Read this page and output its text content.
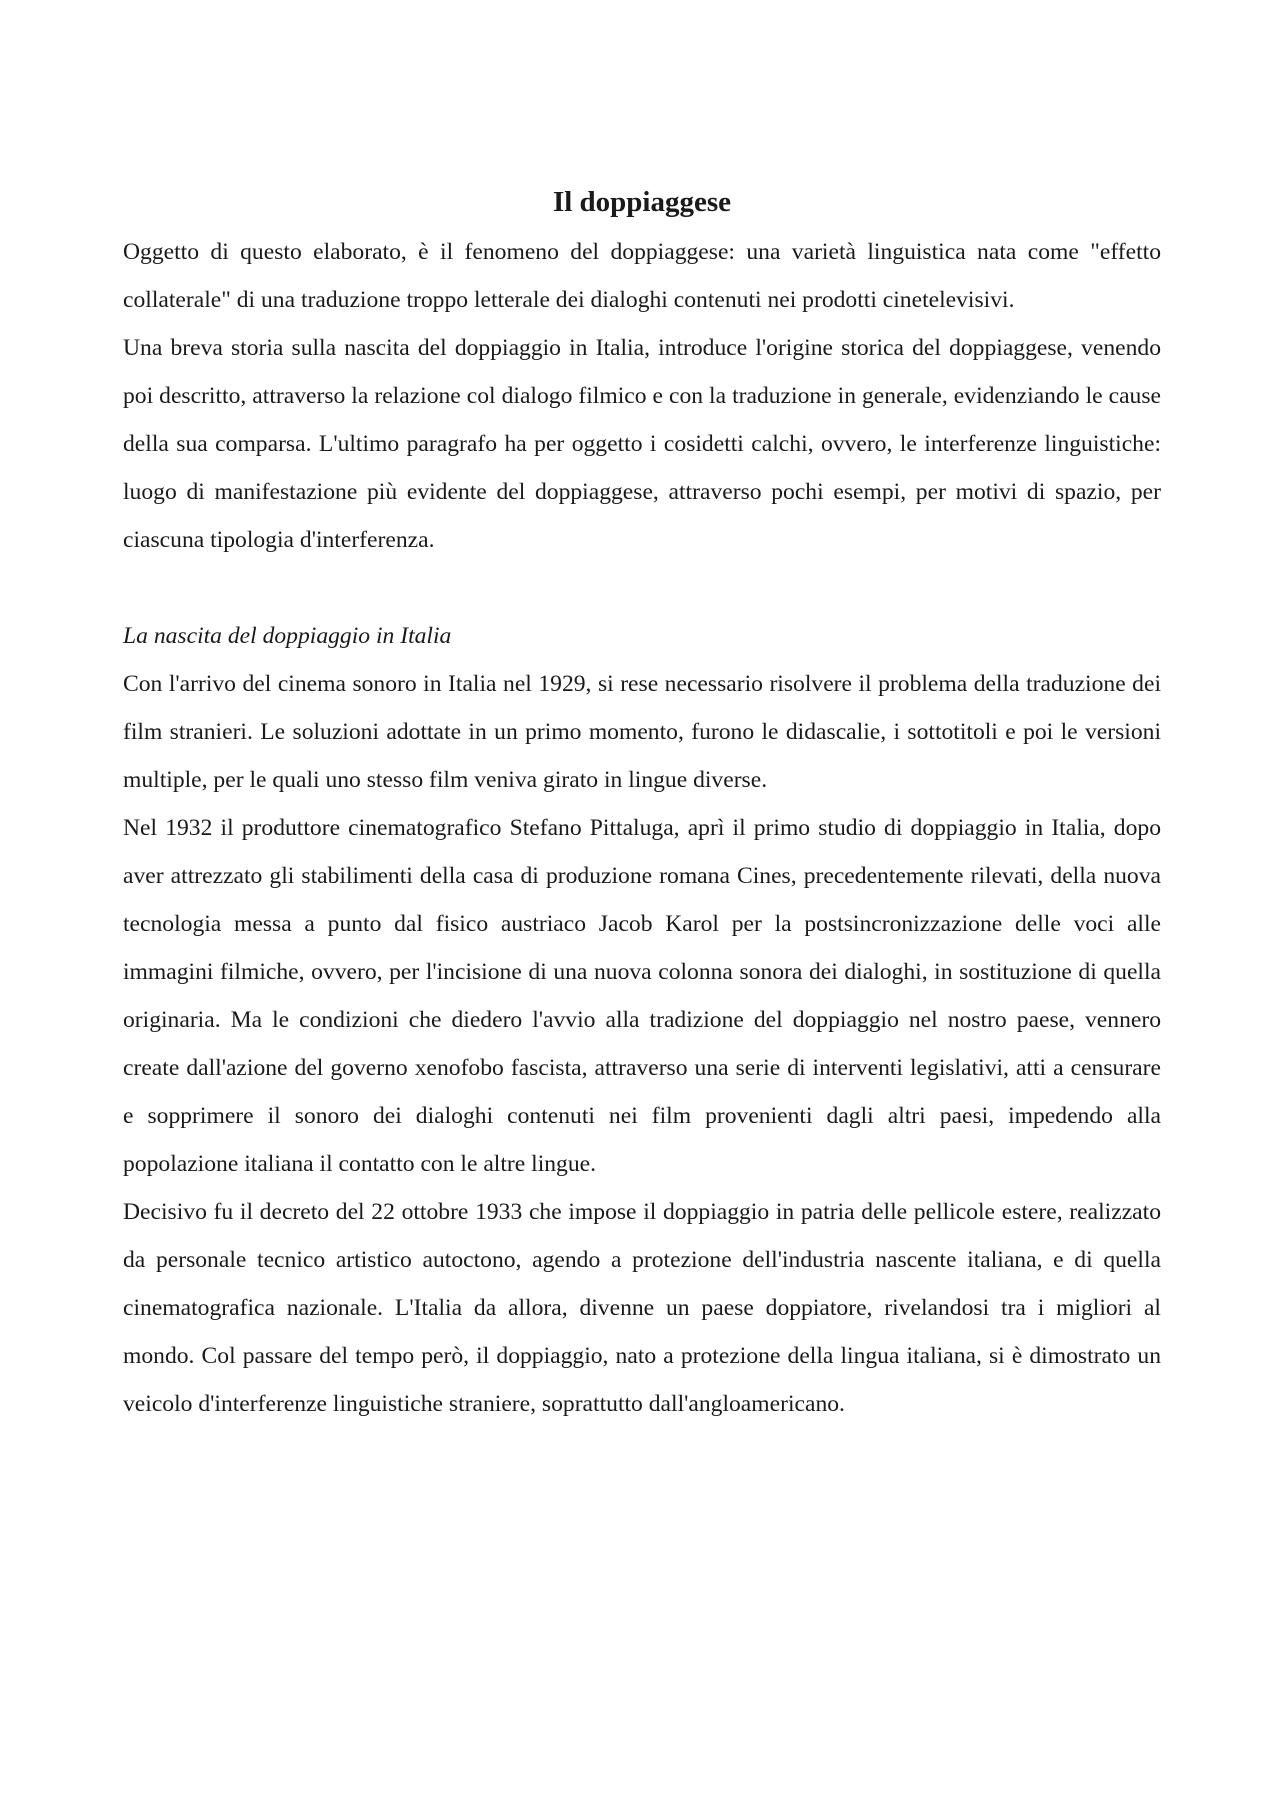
Il doppiaggese

Oggetto di questo elaborato, è il fenomeno del doppiaggese: una varietà linguistica nata come "effetto collaterale" di una traduzione troppo letterale dei dialoghi contenuti nei prodotti cinetelevisivi.

Una breva storia sulla nascita del doppiaggio in Italia, introduce l'origine storica del doppiaggese, venendo poi descritto, attraverso la relazione col dialogo filmico e con la traduzione in generale, evidenziando le cause della sua comparsa. L'ultimo paragrafo ha per oggetto i cosidetti calchi, ovvero, le interferenze linguistiche: luogo di manifestazione più evidente del doppiaggese, attraverso pochi esempi, per motivi di spazio, per ciascuna tipologia d'interferenza.

La nascita del doppiaggio in Italia

Con l'arrivo del cinema sonoro in Italia nel 1929, si rese necessario risolvere il problema della traduzione dei film stranieri. Le soluzioni adottate in un primo momento, furono le didascalie, i sottotitoli e poi le versioni multiple, per le quali uno stesso film veniva girato in lingue diverse.

Nel 1932 il produttore cinematografico Stefano Pittaluga, aprì il primo studio di doppiaggio in Italia, dopo aver attrezzato gli stabilimenti della casa di produzione romana Cines, precedentemente rilevati, della nuova tecnologia messa a punto dal fisico austriaco Jacob Karol per la postsincronizzazione delle voci alle immagini filmiche, ovvero, per l'incisione di una nuova colonna sonora dei dialoghi, in sostituzione di quella originaria. Ma le condizioni che diedero l'avvio alla tradizione del doppiaggio nel nostro paese, vennero create dall'azione del governo xenofobo fascista, attraverso una serie di interventi legislativi, atti a censurare e sopprimere il sonoro dei dialoghi contenuti nei film provenienti dagli altri paesi, impedendo alla popolazione italiana il contatto con le altre lingue.

Decisivo fu il decreto del 22 ottobre 1933 che impose il doppiaggio in patria delle pellicole estere, realizzato da personale tecnico artistico autoctono, agendo a protezione dell'industria nascente italiana, e di quella cinematografica nazionale. L'Italia da allora, divenne un paese doppiatore, rivelandosi tra i migliori al mondo. Col passare del tempo però, il doppiaggio, nato a protezione della lingua italiana, si è dimostrato un veicolo d'interferenze linguistiche straniere, soprattutto dall'angloamericano.
